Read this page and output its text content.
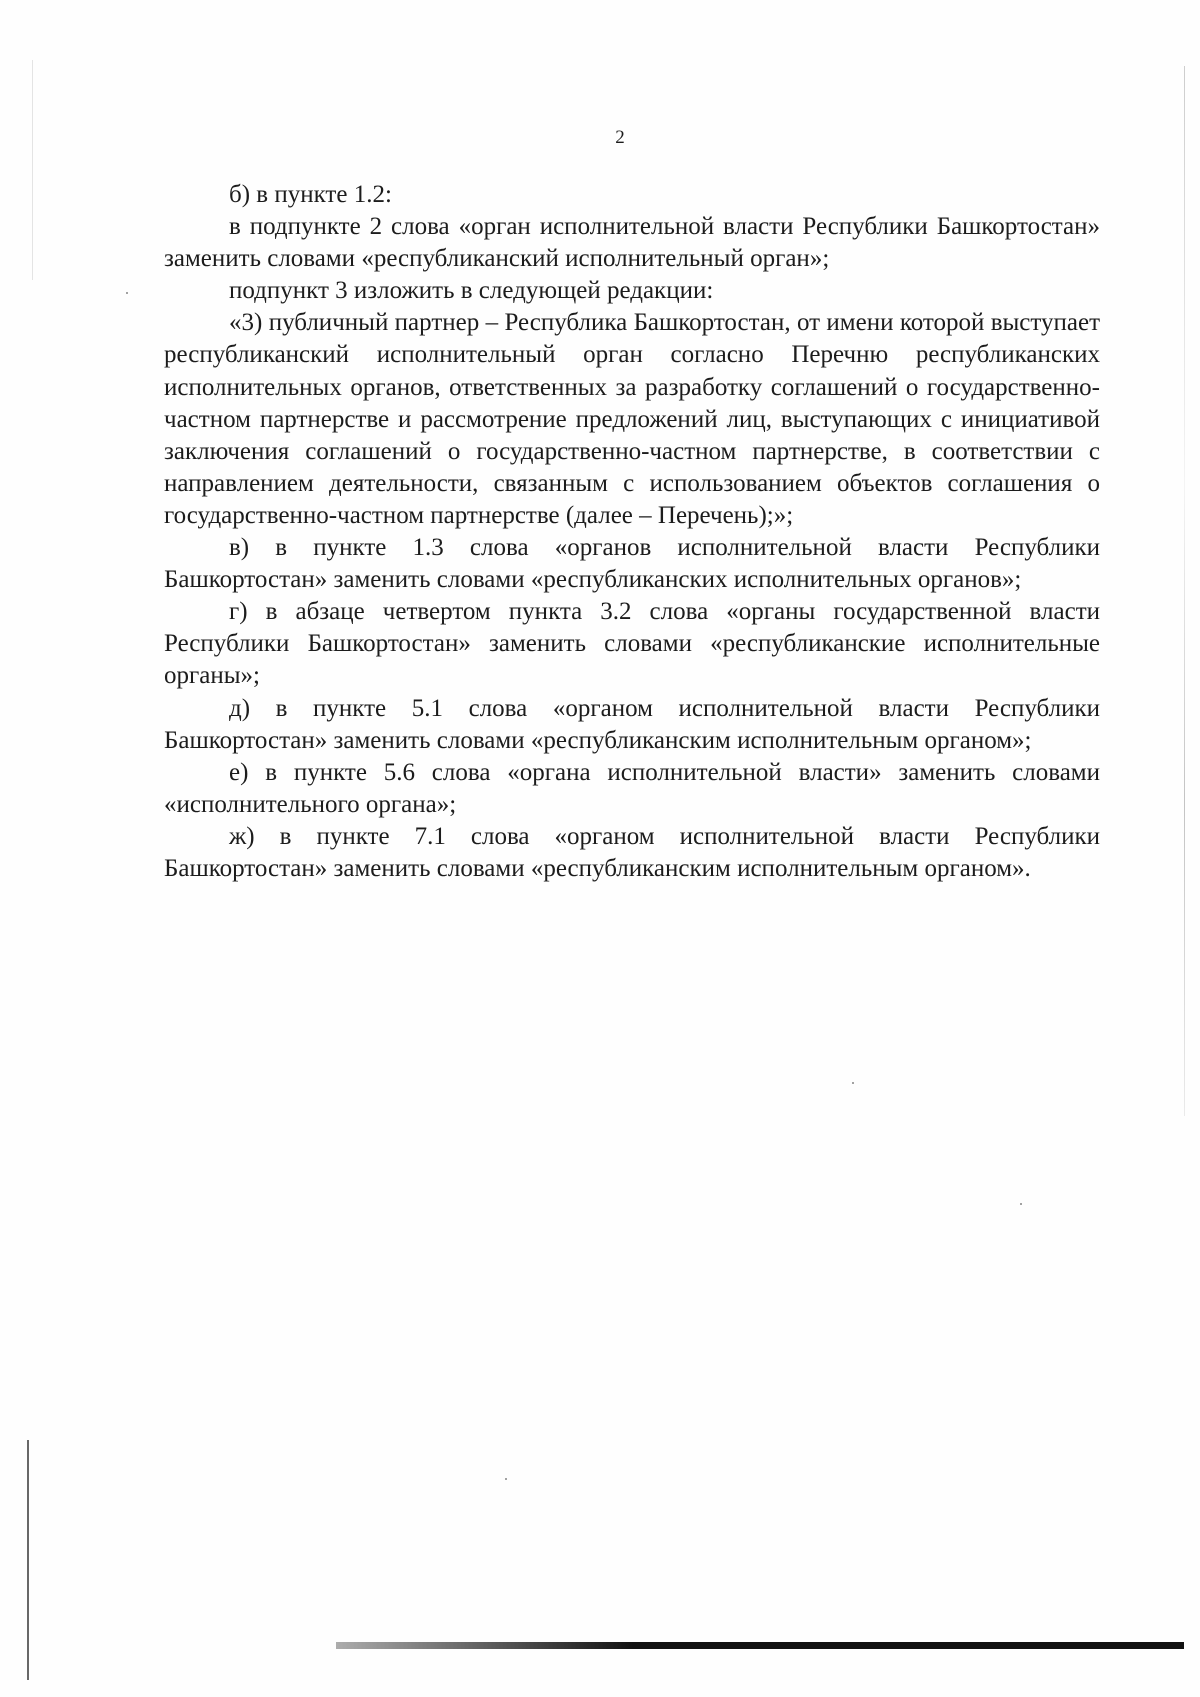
2

б) в пункте 1.2:

в подпункте 2 слова «орган исполнительной власти Республики Башкортостан» заменить словами «республиканский исполнительный орган»;

подпункт 3 изложить в следующей редакции:

«3) публичный партнер – Республика Башкортостан, от имени которой выступает республиканский исполнительный орган согласно Перечню республиканских исполнительных органов, ответственных за разработку соглашений о государственно-частном партнерстве и рассмотрение предложений лиц, выступающих с инициативой заключения соглашений о государственно-частном партнерстве, в соответствии с направлением деятельности, связанным с использованием объектов соглашения о государственно-частном партнерстве (далее – Перечень);»;

в) в пункте 1.3 слова «органов исполнительной власти Республики Башкортостан» заменить словами «республиканских исполнительных органов»;

г) в абзаце четвертом пункта 3.2 слова «органы государственной власти Республики Башкортостан» заменить словами «республиканские исполнительные органы»;

д) в пункте 5.1 слова «органом исполнительной власти Республики Башкортостан» заменить словами «республиканским исполнительным органом»;

е) в пункте 5.6 слова «органа исполнительной власти» заменить словами «исполнительного органа»;

ж) в пункте 7.1 слова «органом исполнительной власти Республики Башкортостан» заменить словами «республиканским исполнительным органом».
